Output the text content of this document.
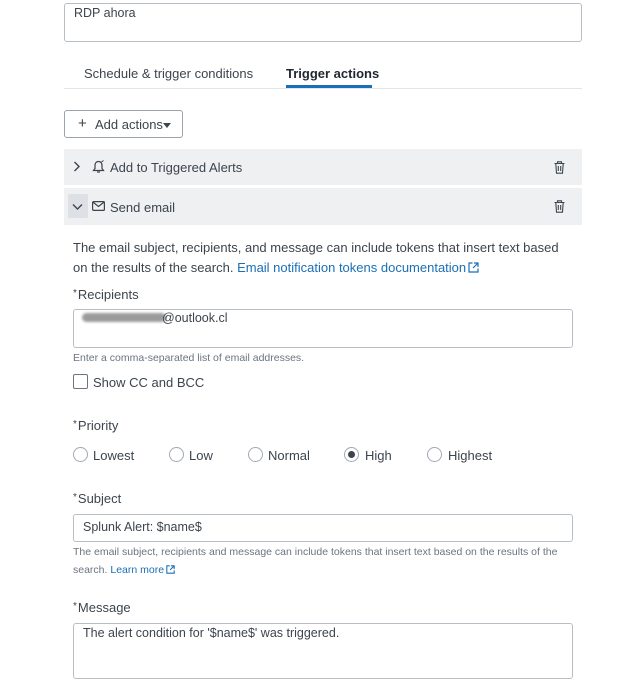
RDP ahora
Schedule & trigger conditions	Trigger actions
+ Add actions
Add to Triggered Alerts
Send email
The email subject, recipients, and message can include tokens that insert text based on the results of the search. Email notification tokens documentation
*Recipients
@outlook.cl
Enter a comma-separated list of email addresses.
Show CC and BCC
*Priority
Lowest	Low	Normal	High	Highest
*Subject
Splunk Alert: $name$
The email subject, recipients and message can include tokens that insert text based on the results of the search. Learn more
*Message
The alert condition for '$name$' was triggered.
